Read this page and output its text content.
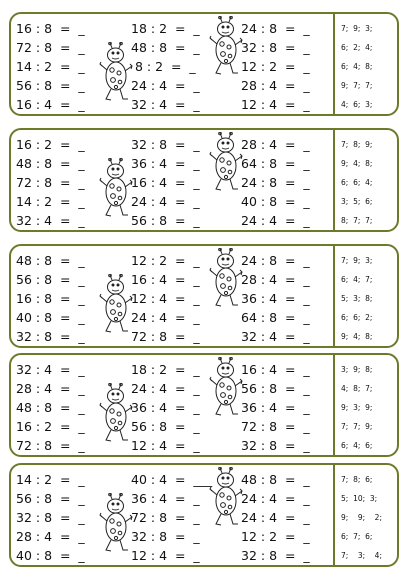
16 : 8  =  _
72 : 8  =  _
14 : 2  =  _
56 : 8  =  _
16 : 4  =  _
18 : 2  =  _
48 : 8  =  _
8 : 2  =  _
24 : 4  =  _
32 : 4  =  _
24 : 8  =  _
32 : 8  =  _
12 : 2  =  _
28 : 4  =  _
12 : 4  =  _
7;  9;  3;
6;  2;  4;
6;  4;  8;
9;  7;  7;
4;  6;  3;
16 : 2  =  _
48 : 8  =  _
72 : 8  =  _
14 : 2  =  _
32 : 4  =  _
32 : 8  =  _
36 : 4  =  _
16 : 4  =  _
24 : 4  =  _
56 : 8  =  _
28 : 4  =  _
64 : 8  =  _
24 : 8  =  _
40 : 8  =  _
24 : 4  =  _
7;  8;  9;
9;  4;  8;
6;  6;  4;
3;  5;  6;
8;  7;  7;
48 : 8  =  _
56 : 8  =  _
16 : 8  =  _
40 : 8  =  _
32 : 8  =  _
12 : 2  =  _
16 : 4  =  _
12 : 4  =  _
24 : 4  =  _
72 : 8  =  _
24 : 8  =  _
28 : 4  =  _
36 : 4  =  _
64 : 8  =  _
32 : 4  =  _
7;  9;  3;
6;  4;  7;
5;  3;  8;
6;  6;  2;
9;  4;  8;
32 : 4  =  _
28 : 4  =  _
48 : 8  =  _
16 : 2  =  _
72 : 8  =  _
18 : 2  =  _
24 : 4  =  _
36 : 4  =  _
56 : 8  =  _
12 : 4  =  _
16 : 4  =  _
56 : 8  =  _
36 : 4  =  _
72 : 8  =  _
32 : 8  =  _
3;  9;  8;
4;  8;  7;
9;  3;  9;
7;  7;  9;
6;  4;  6;
14 : 2  =  _
56 : 8  =  _
32 : 8  =  _
28 : 4  =  _
40 : 8  =  _
40 : 4  =  ___
36 : 4  =  _
72 : 8  =  _
32 : 8  =  _
12 : 4  =  _
48 : 8  =  _
24 : 4  =  _
24 : 4  =  _
12 : 2  =  _
32 : 8  =  _
7;  8;  6;
5;  10;  3;
9;    9;    2;
6;  7;  6;
7;    3;    4;
